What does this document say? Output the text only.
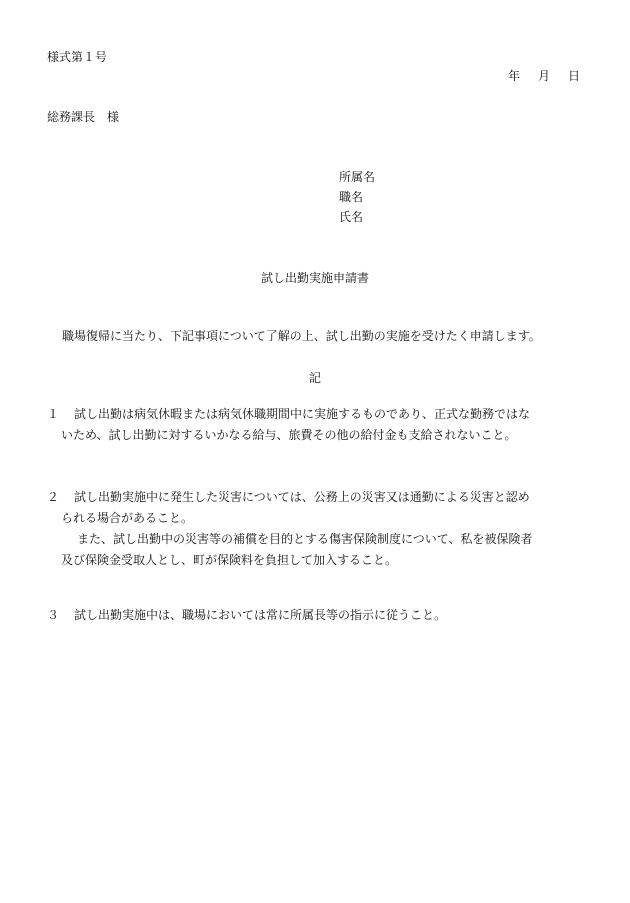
様式第１号
年 月 日
総務課長　様
所属名
職名
氏名
試し出勤実施申請書
職場復帰に当たり、下記事項について了解の上、試し出勤の実施を受けたく申請します。
記
１ 試し出勤は病気休暇または病気休職期間中に実施するものであり、正式な勤務ではな
いため、試し出勤に対するいかなる給与、旅費その他の給付金も支給されないこと。
２ 試し出勤実施中に発生した災害については、公務上の災害又は通勤による災害と認め
られる場合があること。
また、試し出勤中の災害等の補償を目的とする傷害保険制度について、私を被保険者
及び保険金受取人とし、町が保険料を負担して加入すること。
３ 試し出勤実施中は、職場においては常に所属長等の指示に従うこと。
